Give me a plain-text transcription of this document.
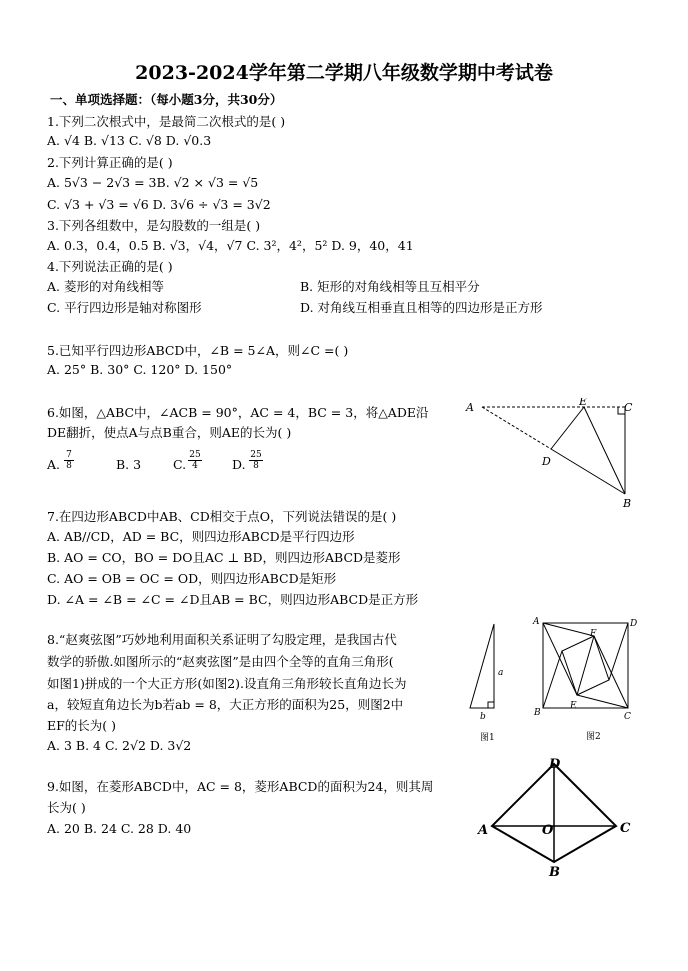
2023-2024学年第二学期八年级数学期中考试卷
一、单项选择题：（每小题3分，共30分）
1.下列二次根式中，是最简二次根式的是( )
A. √4 B. √13 C. √8 D. √0.3
2.下列计算正确的是( )
A. 5√3 − 2√3 = 3B. √2 × √3 = √5
C. √3 + √3 = √6 D. 3√6 ÷ √3 = 3√2
3.下列各组数中，是勾股数的一组是( )
A. 0.3，0.4，0.5 B. √3，√4，√7 C. 3²，4²，5² D. 9，40，41
4.下列说法正确的是( )
A. 菱形的对角线相等	B. 矩形的对角线相等且互相平分
C. 平行四边形是轴对称图形	D. 对角线互相垂直且相等的四边形是正方形
5.已知平行四边形ABCD中，∠B = 5∠A，则∠C =( )
A. 25° B. 30° C. 120° D. 150°
6.如图，△ABC中，∠ACB = 90°，AC = 4，BC = 3，将△ADE沿
DE翻折，使点A与点B重合，则AE的长为( )
A. $\frac{7}{8}$	B. 3	C. $\frac{25}{4} D$. $\frac{25}{8}$
A	E	C
D
B
7.在四边形ABCD中AB、CD相交于点O，下列说法错误的是( )
A. AB//CD，AD = BC，则四边形ABCD是平行四边形
B. AO = CO，BO = DO且AC ⊥ BD，则四边形ABCD是菱形
C. AO = OB = OC = OD，则四边形ABCD是矩形
D. ∠A = ∠B = ∠C = ∠D且AB = BC，则四边形ABCD是正方形
8.“赵爽弦图”巧妙地利用面积关系证明了勾股定理，是我国古代
数学的骄傲.如图所示的“赵爽弦图”是由四个全等的直角三角形(
如图1)拼成的一个大正方形(如图2).设直角三角形较长直角边长为
a，较短直角边长为b若ab = 8，大正方形的面积为25，则图2中
EF的长为( )
A. 3 B. 4 C. 2√2 D. 3√2
a
b
图1
A	D
B	C
F
E
图2
9.如图，在菱形ABCD中，AC = 8，菱形ABCD的面积为24，则其周
长为( )
A. 20 B. 24 C. 28 D. 40
D
A	O	C
B
